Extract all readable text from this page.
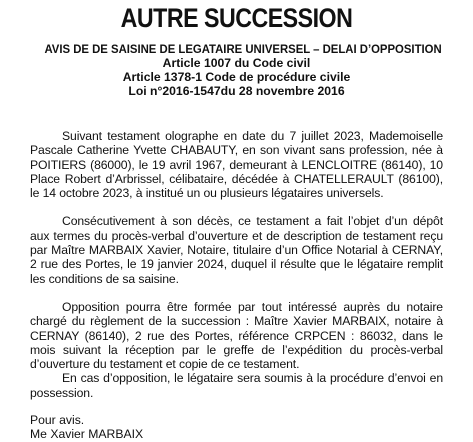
AUTRE SUCCESSION
AVIS DE DE SAISINE DE LEGATAIRE UNIVERSEL – DELAI D’OPPOSITION
Article 1007 du Code civil
Article 1378-1 Code de procédure civile
Loi n°2016-1547du 28 novembre 2016

Suivant testament olographe en date du 7 juillet 2023, Mademoiselle Pascale Catherine Yvette CHABAUTY, en son vivant sans profession, née à POITIERS (86000), le 19 avril 1967, demeurant à LENCLOITRE (86140), 10 Place Robert d’Arbrissel, célibataire, décédée à CHATELLERAULT (86100), le 14 octobre 2023, à institué un ou plusieurs légataires universels.

Consécutivement à son décès, ce testament a fait l’objet d’un dépôt aux termes du procès-verbal d’ouverture et de description de testament reçu par Maître MARBAIX Xavier, Notaire, titulaire d’un Office Notarial à CERNAY, 2 rue des Portes, le 19 janvier 2024, duquel il résulte que le légataire remplit les conditions de sa saisine.

Opposition pourra être formée par tout intéressé auprès du notaire chargé du règlement de la succession : Maître Xavier MARBAIX, notaire à CERNAY (86140), 2 rue des Portes, référence CRPCEN : 86032, dans le mois suivant la réception par le greffe de l’expédition du procès-verbal d’ouverture du testament et copie de ce testament.

En cas d’opposition, le légataire sera soumis à la procédure d’envoi en possession.

Pour avis.
Me Xavier MARBAIX
